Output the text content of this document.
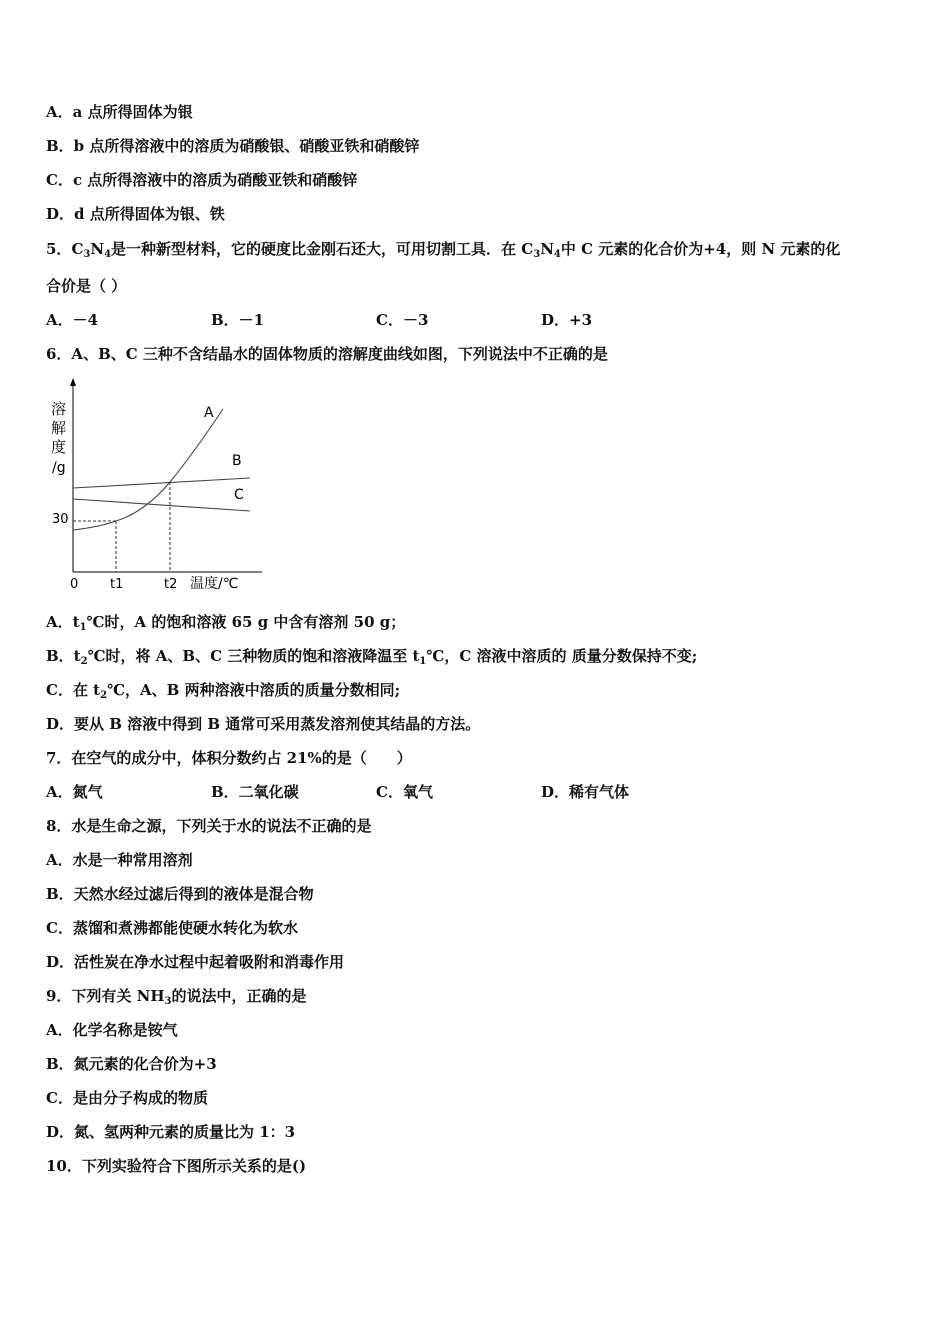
A．a 点所得固体为银
B．b 点所得溶液中的溶质为硝酸银、硝酸亚铁和硝酸锌
C．c 点所得溶液中的溶质为硝酸亚铁和硝酸锌
D．d 点所得固体为银、铁
5．$C_3N_4$是一种新型材料，它的硬度比金刚石还大，可用切割工具．在 $C_3N_4$中 C 元素的化合价为+4，则 N 元素的化
合价是（ ）
A．－4	B．－1	C．－3	D．+3
6．A、B、C 三种不含结晶水的固体物质的溶解度曲线如图，下列说法中不正确的是
溶
解
度
/g
30
A
B
C
0 t1	t2 温度/℃
A．$t_1℃$时，A 的饱和溶液 65 g 中含有溶剂 50 g；
B．$t_2℃$时，将 A、B、C 三种物质的饱和溶液降温至 $t_1℃$，C 溶液中溶质的 质量分数保持不变;
C．在 $t_2℃$，A、B 两种溶液中溶质的质量分数相同;
D．要从 B 溶液中得到 B 通常可采用蒸发溶剂使其结晶的方法。
7．在空气的成分中，体积分数约占 21%的是（　　）
A．氮气	B．二氧化碳	C．氧气	D．稀有气体
8．水是生命之源，下列关于水的说法不正确的是
A．水是一种常用溶剂
B．天然水经过滤后得到的液体是混合物
C．蒸馏和煮沸都能使硬水转化为软水
D．活性炭在净水过程中起着吸附和消毒作用
9．下列有关 $NH_3$的说法中，正确的是
A．化学名称是铵气
B．氮元素的化合价为+3
C．是由分子构成的物质
D．氮、氢两种元素的质量比为 1：3
10．下列实验符合下图所示关系的是()
